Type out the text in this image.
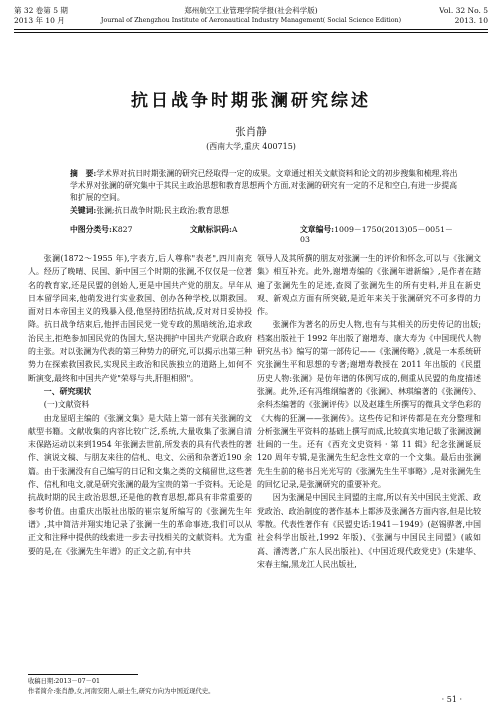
第 32 卷第 5 期
2013 年 10 月
郑州航空工业管理学院学报(社会科学版)
Journal of Zhengzhou Institute of Aeronautical Industry Management( Social Science Edition)
Vol. 32 No. 5
2013. 10
抗日战争时期张澜研究综述
张肖静
(西南大学,重庆 400715)
摘　要:学术界对抗日时期张澜的研究已经取得一定的成果。文章通过相关文献资料和论文的初步搜集和梳理,将出学术界对张澜的研究集中于其民主政治思想和教育思想两个方面,对张澜的研究有一定的不足和空白,有进一步提高和扩展的空间。
关键词:张澜;抗日战争时期;民主政治;教育思想
中图分类号:K827	文献标识码:A	文章编号:1009－1750(2013)05－0051－03

张澜(1872～1955 年),字表方,后人尊称"表老",四川南充人。经历了晚晴、民国、新中国三个时期的张澜,不仅仅是一位著名的教育家,还是民盟的创始人,更是中国共产党的朋友。早年从日本留学回来,他萌发进行实业救国、创办各种学校,以期救国。面对日本帝国主义的残暴入侵,他坚持团结抗战,反对对日妥协投降。抗日战争结束后,他抨击国民党一党专政的黑暗统治,追求政治民主,拒绝参加国民党的伪国大,坚决拥护中国共产党联合政府的主张。对以张澜为代表的第三种势力的研究,可以揭示出第三种势力在探索救国救民,实现民主政治和民族独立的道路上,如何不断演变,最终和中国共产党"荣辱与共,肝胆相照"。

一、研究现状

(一)文献资料

由龙显昭主编的《张澜文集》是大陆上第一部有关张澜的文献型书籍。文献收集的内容比较广泛,系统,大量收集了张澜自清末保路运动以来到1954 年张澜去世前,所发表的具有代表性的著作、演说文稿、与朋友来往的信札、电文、公函和杂著近190 余篇。由于张澜没有自己编写的日记和文集之类的文稿留世,这些著作、信札和电文,就是研究张澜的最为宝贵的第一手资料。无论是抗战时期的民主政治思想,还是他的教育思想,都具有非常重要的参考价值。由重庆出版社出版的崔宗复所编写的《张澜先生年谱》,其中简洁并翔实地记录了张澜一生的革命事迹,我们可以从正文和注释中提供的线索进一步去寻找相关的文献资料。尤为重要的是,在《张澜先生年谱》的正文之前,有中共

领导人及其所撰的朋友对张澜一生的评价和怀念,可以与《张澜文集》相互补充。此外,谢增寿编的《张澜年谱新编》,是作者在踏遍了张澜先生的足迹,查阅了张澜先生的所有史料,并且在新史观、新观点方面有所突破,是近年来关于张澜研究不可多得的力作。

张澜作为著名的历史人物,也有与其相关的历史传记的出版;档案出版社于 1992 年出版了谢增寿、康大寿为《中国现代人物研究丛书》编写的第一部传记——《张澜传略》,就是一本系统研究张澜生平和思想的专著;谢增寿教授在 2011 年出版的《民盟历史人物:张澜》是仿年谱的体例写成的,侧重从民盟的角度描述张澜。此外,还有冯维纲编著的《张澜》、林琪编著的《张澜传》、余科杰编著的《张澜评传》以及赵雄生所撰写的微具文学色彩的《大梅的狂澜——张澜传》。这些传记和评传都是在充分整理和分析张澜生平资料的基础上撰写而成,比较真实地记载了张澜波澜壮阔的一生。还有《西充文史资料 · 第 11 辑》纪念张澜诞辰 120 周年专辑,是张澜先生纪念性文章的一个文集。最后由张澜先生生前的秘书吕光光写的《张澜先生生平事略》,是对张澜先生的回忆记录,是张澜研究的重要补充。

因为张澜是中国民主同盟的主席,所以有关中国民主党派、政党政治、政治制度的著作基本上都涉及张澜各方面内容,但是比较零散。代表性著作有《民盟史话:1941－1949》(赵锡骅著,中国社会科学出版社,1992 年版)、《张澜与中国民主同盟》(戚如高、潘湾著,广东人民出版社)、《中国近现代政党史》(朱建华、宋春主编,黑龙江人民出版社,

收稿日期:2013－07－01
作者简介:张肖静,女,河南安阳人,硕士生,研究方向为中国近现代史。
· 51 ·
